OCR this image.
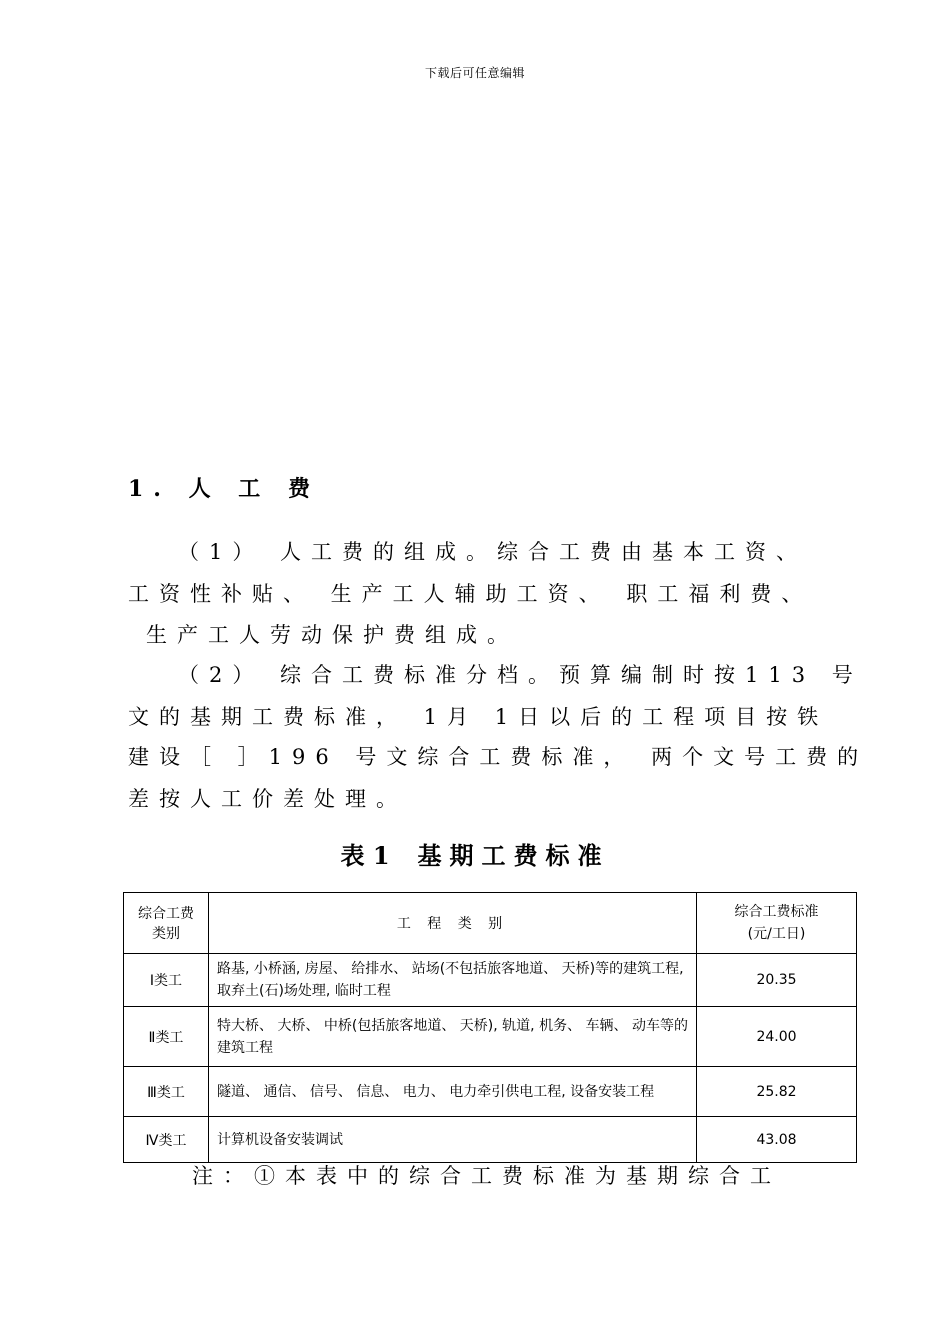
下载后可任意编辑
1. 人 工 费
（1） 人工费的组成。综合工费由基本工资、
工资性补贴、 生产工人辅助工资、 职工福利费、
生产工人劳动保护费组成。
（2） 综合工费标准分档。预算编制时按113 号
文的基期工费标准， 1月 1日以后的工程项目按铁
建设［ ］196 号文综合工费标准， 两个文号工费的
差按人工价差处理。
表 1 基期工费标准
综合工费类别	工 程 类 别	综合工费标准
(元/工日)
Ⅰ类工	路基, 小桥涵, 房屋、 给排水、 站场(不包括旅客地道、 天桥)等的建筑工程, 取弃土(石)场处理, 临时工程	20.35
Ⅱ类工	特大桥、 大桥、 中桥(包括旅客地道、 天桥), 轨道, 机务、 车辆、 动车等的建筑工程	24.00
Ⅲ类工	隧道、 通信、 信号、 信息、 电力、 电力牵引供电工程, 设备安装工程	25.82
Ⅳ类工	计算机设备安装调试	43.08
注：①本表中的综合工费标准为基期综合工
